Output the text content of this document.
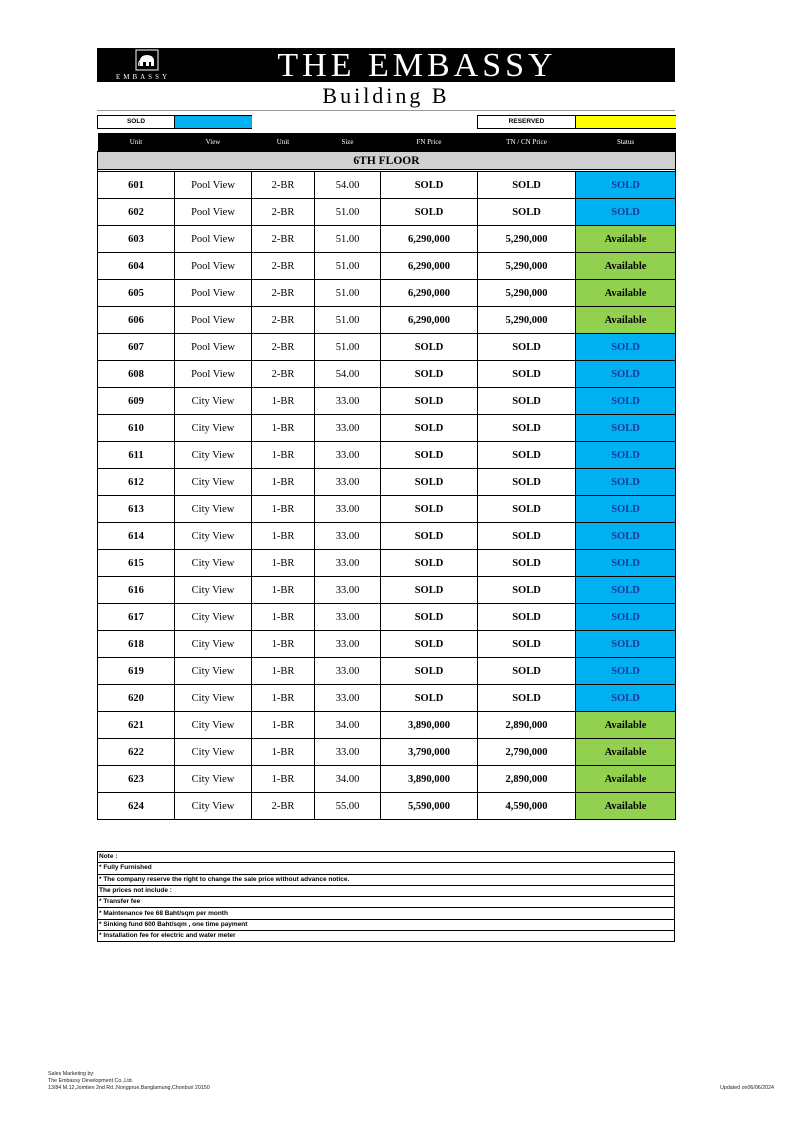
EMBASSY	THE EMBASSY
Building B
SOLD	RESERVED
Unit	View	Unit	Size	FN Price	TN / CN Price	Status
6TH FLOOR						

601	Pool View	2-BR	54.00	SOLD	SOLD	SOLD
602	Pool View	2-BR	51.00	SOLD	SOLD	SOLD
603	Pool View	2-BR	51.00	6,290,000	5,290,000	Available
604	Pool View	2-BR	51.00	6,290,000	5,290,000	Available
605	Pool View	2-BR	51.00	6,290,000	5,290,000	Available
606	Pool View	2-BR	51.00	6,290,000	5,290,000	Available
607	Pool View	2-BR	51.00	SOLD	SOLD	SOLD
608	Pool View	2-BR	54.00	SOLD	SOLD	SOLD
609	City View	1-BR	33.00	SOLD	SOLD	SOLD
610	City View	1-BR	33.00	SOLD	SOLD	SOLD
611	City View	1-BR	33.00	SOLD	SOLD	SOLD
612	City View	1-BR	33.00	SOLD	SOLD	SOLD
613	City View	1-BR	33.00	SOLD	SOLD	SOLD
614	City View	1-BR	33.00	SOLD	SOLD	SOLD
615	City View	1-BR	33.00	SOLD	SOLD	SOLD
616	City View	1-BR	33.00	SOLD	SOLD	SOLD
617	City View	1-BR	33.00	SOLD	SOLD	SOLD
618	City View	1-BR	33.00	SOLD	SOLD	SOLD
619	City View	1-BR	33.00	SOLD	SOLD	SOLD
620	City View	1-BR	33.00	SOLD	SOLD	SOLD
621	City View	1-BR	34.00	3,890,000	2,890,000	Available
622	City View	1-BR	33.00	3,790,000	2,790,000	Available
623	City View	1-BR	34.00	3,890,000	2,890,000	Available
624	City View	2-BR	55.00	5,590,000	4,590,000	Available
Note :
* Fully Furnished
* The company reserve the right to change the sale price without advance notice.
The prices not include :
* Transfer fee
* Maintenance fee 68 Baht/sqm per month
* Sinking fund 600 Baht/sqm , one time payment
* Installation fee for electric and water meter
Sales Marketing by:
The Embassy Development Co.,Ltd.
13/84 M.12,Jomtien 2nd Rd.,Nongprue,Banglamung,Chonburi 20150	Updated on06/06/2024
